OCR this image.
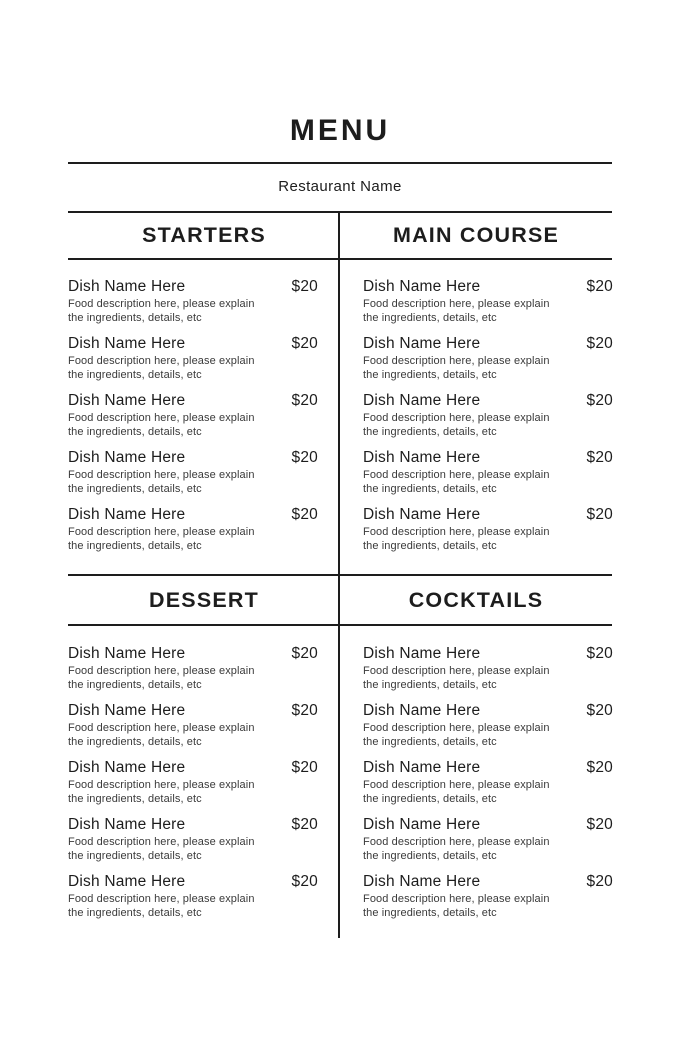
MENU
Restaurant Name
STARTERS	MAIN COURSE
Dish Name Here	$20
Food description here, please explain the ingredients, details, etc
Dish Name Here	$20
Food description here, please explain the ingredients, details, etc
Dish Name Here	$20
Food description here, please explain the ingredients, details, etc
Dish Name Here	$20
Food description here, please explain the ingredients, details, etc
Dish Name Here	$20
Food description here, please explain the ingredients, details, etc
Dish Name Here	$20
Food description here, please explain the ingredients, details, etc
Dish Name Here	$20
Food description here, please explain the ingredients, details, etc
Dish Name Here	$20
Food description here, please explain the ingredients, details, etc
Dish Name Here	$20
Food description here, please explain the ingredients, details, etc
Dish Name Here	$20
Food description here, please explain the ingredients, details, etc
DESSERT	COCKTAILS
Dish Name Here	$20
Food description here, please explain the ingredients, details, etc
Dish Name Here	$20
Food description here, please explain the ingredients, details, etc
Dish Name Here	$20
Food description here, please explain the ingredients, details, etc
Dish Name Here	$20
Food description here, please explain the ingredients, details, etc
Dish Name Here	$20
Food description here, please explain the ingredients, details, etc
Dish Name Here	$20
Food description here, please explain the ingredients, details, etc
Dish Name Here	$20
Food description here, please explain the ingredients, details, etc
Dish Name Here	$20
Food description here, please explain the ingredients, details, etc
Dish Name Here	$20
Food description here, please explain the ingredients, details, etc
Dish Name Here	$20
Food description here, please explain the ingredients, details, etc
